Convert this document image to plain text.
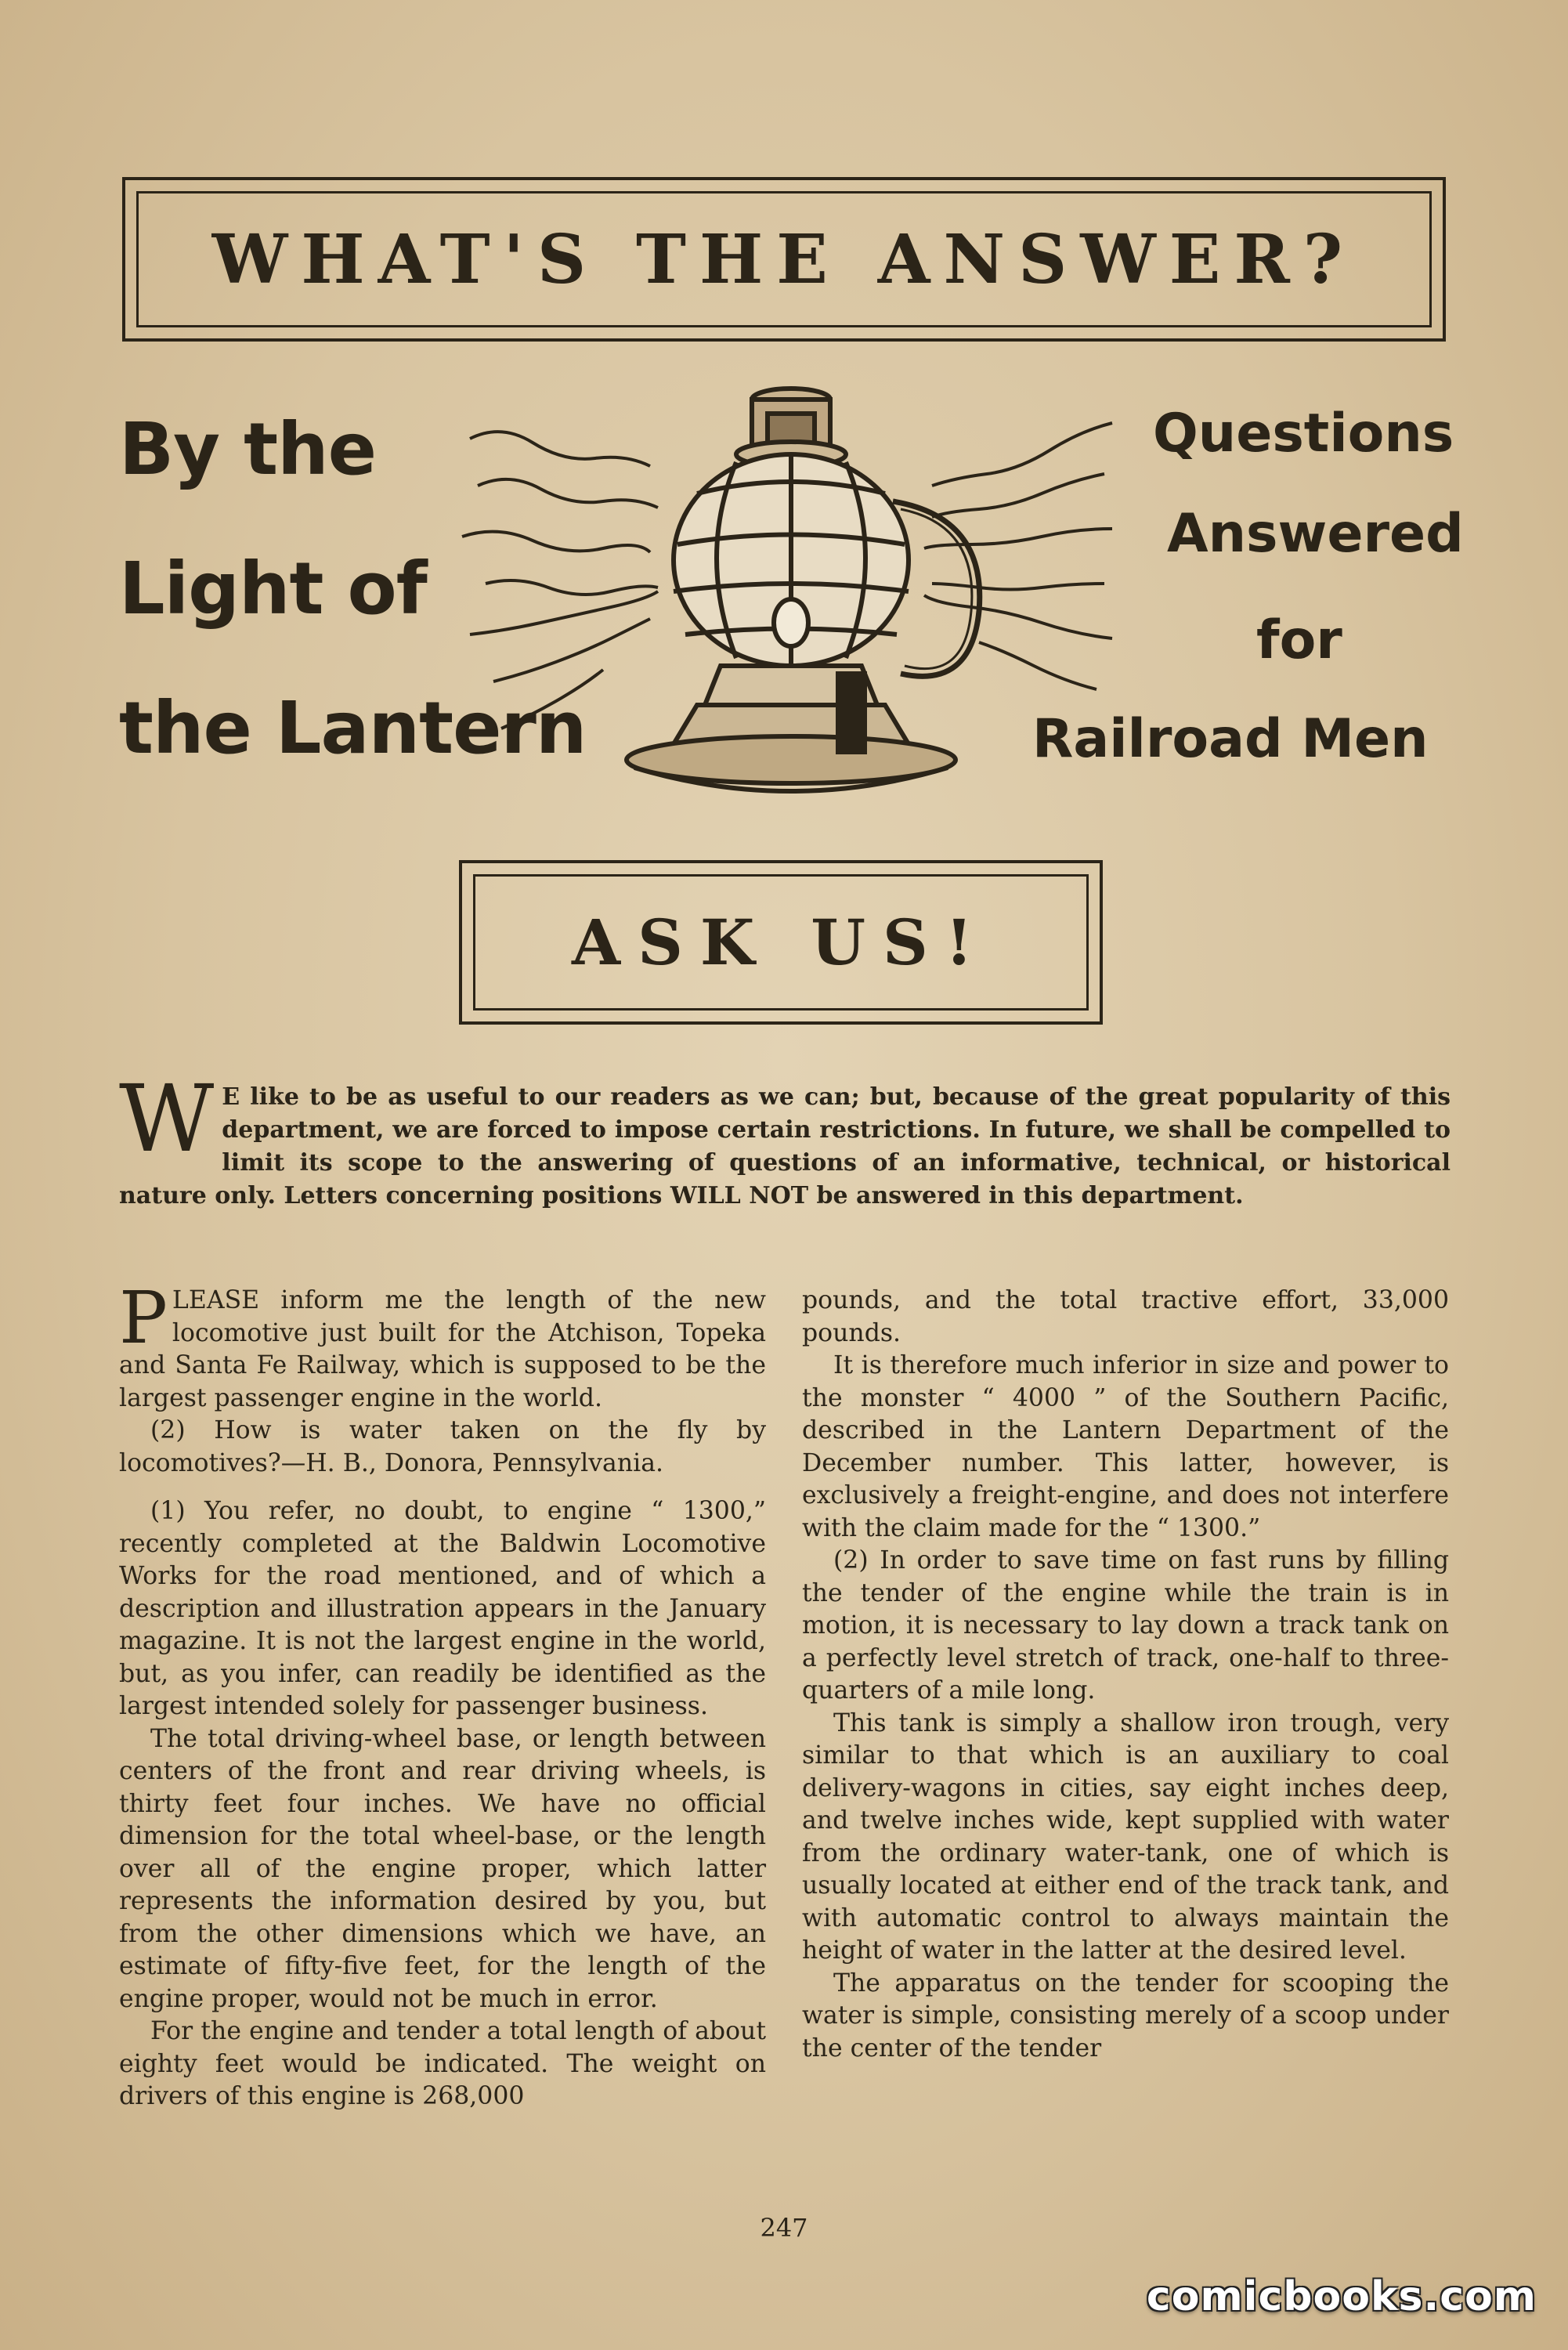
WHAT'S THE ANSWER?
By the
Light of
the Lantern
Questions
Answered
for
Railroad Men
ASK US!
W E like to be as useful to our readers as we can; but, because of the great popularity of this department, we are forced to impose certain restrictions. In future, we shall be compelled to limit its scope to the answering of questions of an informative, technical, or historical nature only. Letters concerning positions WILL NOT be answered in this department.

PLEASE inform me the length of the new locomotive just built for the Atchison, Topeka and Santa Fe Railway, which is supposed to be the largest passenger engine in the world.

(2) How is water taken on the fly by locomotives?—H. B., Donora, Pennsylvania.

(1) You refer, no doubt, to engine “ 1300,” recently completed at the Baldwin Locomotive Works for the road mentioned, and of which a description and illustration appears in the January magazine. It is not the largest engine in the world, but, as you infer, can readily be identified as the largest intended solely for passenger business.

The total driving-wheel base, or length between centers of the front and rear driving wheels, is thirty feet four inches. We have no official dimension for the total wheel-base, or the length over all of the engine proper, which latter represents the information desired by you, but from the other dimensions which we have, an estimate of fifty-five feet, for the length of the engine proper, would not be much in error.

For the engine and tender a total length of about eighty feet would be indicated. The weight on drivers of this engine is 268,000

pounds, and the total tractive effort, 33,000 pounds.

It is therefore much inferior in size and power to the monster “ 4000 ” of the Southern Pacific, described in the Lantern Department of the December number. This latter, however, is exclusively a freight-engine, and does not interfere with the claim made for the “ 1300.”

(2) In order to save time on fast runs by filling the tender of the engine while the train is in motion, it is necessary to lay down a track tank on a perfectly level stretch of track, one-half to three-quarters of a mile long.

This tank is simply a shallow iron trough, very similar to that which is an auxiliary to coal delivery-wagons in cities, say eight inches deep, and twelve inches wide, kept supplied with water from the ordinary water-tank, one of which is usually located at either end of the track tank, and with automatic control to always maintain the height of water in the latter at the desired level.

The apparatus on the tender for scooping the water is simple, consisting merely of a scoop under the center of the tender

247
comicbooks.com
